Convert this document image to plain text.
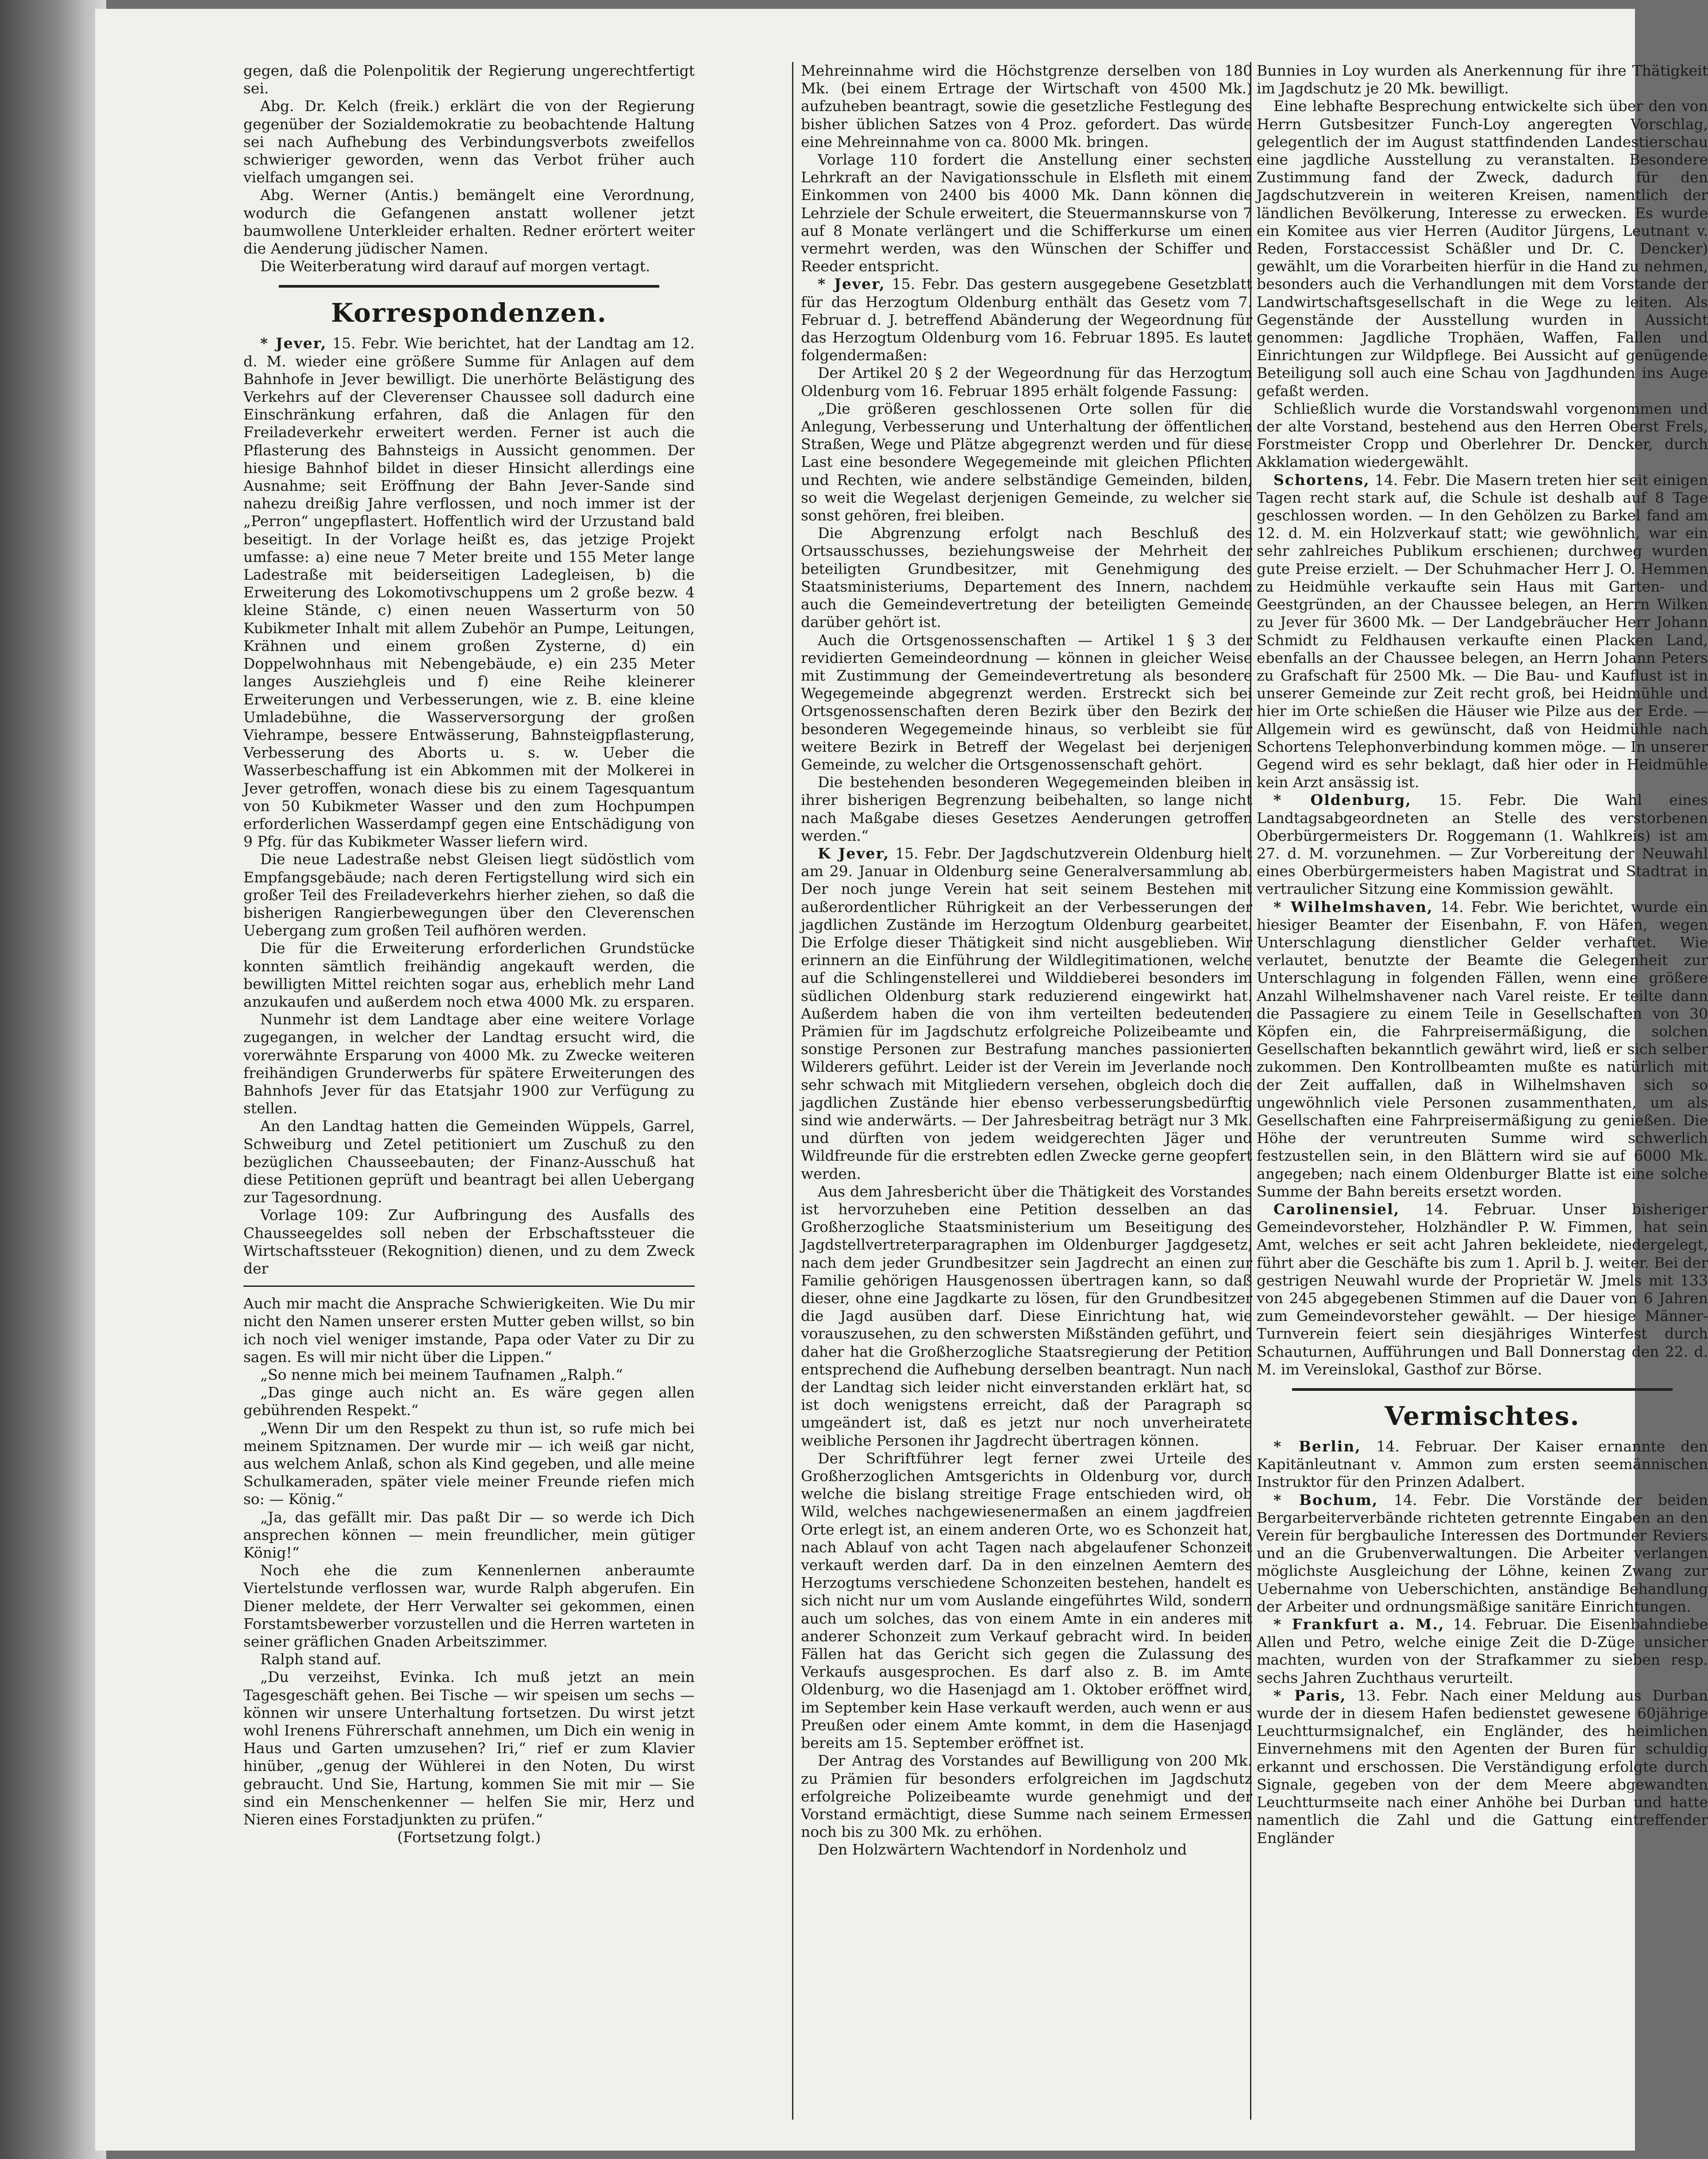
gegen, daß die Polenpolitik der Regierung ungerechtfertigt sei.

Abg. Dr. Kelch (freik.) erklärt die von der Regierung gegenüber der Sozialdemokratie zu beobachtende Haltung sei nach Aufhebung des Verbindungsverbots zweifellos schwieriger geworden, wenn das Verbot früher auch vielfach umgangen sei.

Abg. Werner (Antis.) bemängelt eine Verordnung, wodurch die Gefangenen anstatt wollener jetzt baumwollene Unterkleider erhalten. Redner erörtert weiter die Aenderung jüdischer Namen.

Die Weiterberatung wird darauf auf morgen vertagt.

Korrespondenzen.

* Jever, 15. Febr. Wie berichtet, hat der Landtag am 12. d. M. wieder eine größere Summe für Anlagen auf dem Bahnhofe in Jever bewilligt. Die unerhörte Belästigung des Verkehrs auf der Cleverenser Chaussee soll dadurch eine Einschränkung erfahren, daß die Anlagen für den Freiladeverkehr erweitert werden. Ferner ist auch die Pflasterung des Bahnsteigs in Aussicht genommen. Der hiesige Bahnhof bildet in dieser Hinsicht allerdings eine Ausnahme; seit Eröffnung der Bahn Jever-Sande sind nahezu dreißig Jahre verflossen, und noch immer ist der „Perron“ ungepflastert. Hoffentlich wird der Urzustand bald beseitigt. In der Vorlage heißt es, das jetzige Projekt umfasse: a) eine neue 7 Meter breite und 155 Meter lange Ladestraße mit beiderseitigen Ladegleisen, b) die Erweiterung des Lokomotivschuppens um 2 große bezw. 4 kleine Stände, c) einen neuen Wasserturm von 50 Kubikmeter Inhalt mit allem Zubehör an Pumpe, Leitungen, Krähnen und einem großen Zysterne, d) ein Doppelwohnhaus mit Nebengebäude, e) ein 235 Meter langes Ausziehgleis und f) eine Reihe kleinerer Erweiterungen und Verbesserungen, wie z. B. eine kleine Umladebühne, die Wasserversorgung der großen Viehrampe, bessere Entwässerung, Bahnsteigpflasterung, Verbesserung des Aborts u. s. w. Ueber die Wasserbeschaffung ist ein Abkommen mit der Molkerei in Jever getroffen, wonach diese bis zu einem Tagesquantum von 50 Kubikmeter Wasser und den zum Hochpumpen erforderlichen Wasserdampf gegen eine Entschädigung von 9 Pfg. für das Kubikmeter Wasser liefern wird.

Die neue Ladestraße nebst Gleisen liegt südöstlich vom Empfangsgebäude; nach deren Fertigstellung wird sich ein großer Teil des Freiladeverkehrs hierher ziehen, so daß die bisherigen Rangierbewegungen über den Cleverenschen Uebergang zum großen Teil aufhören werden.

Die für die Erweiterung erforderlichen Grundstücke konnten sämtlich freihändig angekauft werden, die bewilligten Mittel reichten sogar aus, erheblich mehr Land anzukaufen und außerdem noch etwa 4000 Mk. zu ersparen.

Nunmehr ist dem Landtage aber eine weitere Vorlage zugegangen, in welcher der Landtag ersucht wird, die vorerwähnte Ersparung von 4000 Mk. zu Zwecke weiteren freihändigen Grunderwerbs für spätere Erweiterungen des Bahnhofs Jever für das Etatsjahr 1900 zur Verfügung zu stellen.

An den Landtag hatten die Gemeinden Wüppels, Garrel, Schweiburg und Zetel petitioniert um Zuschuß zu den bezüglichen Chausseebauten; der Finanz-Ausschuß hat diese Petitionen geprüft und beantragt bei allen Uebergang zur Tagesordnung.

Vorlage 109: Zur Aufbringung des Ausfalls des Chausseegeldes soll neben der Erbschaftssteuer die Wirtschaftssteuer (Rekognition) dienen, und zu dem Zweck der

Auch mir macht die Ansprache Schwierigkeiten. Wie Du mir nicht den Namen unserer ersten Mutter geben willst, so bin ich noch viel weniger imstande, Papa oder Vater zu Dir zu sagen. Es will mir nicht über die Lippen.“

„So nenne mich bei meinem Taufnamen „Ralph.“

„Das ginge auch nicht an. Es wäre gegen allen gebührenden Respekt.“

„Wenn Dir um den Respekt zu thun ist, so rufe mich bei meinem Spitznamen. Der wurde mir — ich weiß gar nicht, aus welchem Anlaß, schon als Kind gegeben, und alle meine Schulkameraden, später viele meiner Freunde riefen mich so: — König.“

„Ja, das gefällt mir. Das paßt Dir — so werde ich Dich ansprechen können — mein freundlicher, mein gütiger König!“

Noch ehe die zum Kennenlernen anberaumte Viertelstunde verflossen war, wurde Ralph abgerufen. Ein Diener meldete, der Herr Verwalter sei gekommen, einen Forstamtsbewerber vorzustellen und die Herren warteten in seiner gräflichen Gnaden Arbeitszimmer.

Ralph stand auf.

„Du verzeihst, Evinka. Ich muß jetzt an mein Tagesgeschäft gehen. Bei Tische — wir speisen um sechs — können wir unsere Unterhaltung fortsetzen. Du wirst jetzt wohl Irenens Führerschaft annehmen, um Dich ein wenig in Haus und Garten umzusehen? Iri,“ rief er zum Klavier hinüber, „genug der Wühlerei in den Noten, Du wirst gebraucht. Und Sie, Hartung, kommen Sie mit mir — Sie sind ein Menschenkenner — helfen Sie mir, Herz und Nieren eines Forstadjunkten zu prüfen.“

(Fortsetzung folgt.)

Mehreinnahme wird die Höchstgrenze derselben von 180 Mk. (bei einem Ertrage der Wirtschaft von 4500 Mk.) aufzuheben beantragt, sowie die gesetzliche Festlegung des bisher üblichen Satzes von 4 Proz. gefordert. Das würde eine Mehreinnahme von ca. 8000 Mk. bringen.

Vorlage 110 fordert die Anstellung einer sechsten Lehrkraft an der Navigationsschule in Elsfleth mit einem Einkommen von 2400 bis 4000 Mk. Dann können die Lehrziele der Schule erweitert, die Steuermannskurse von 7 auf 8 Monate verlängert und die Schifferkurse um einen vermehrt werden, was den Wünschen der Schiffer und Reeder entspricht.

* Jever, 15. Febr. Das gestern ausgegebene Gesetzblatt für das Herzogtum Oldenburg enthält das Gesetz vom 7. Februar d. J. betreffend Abänderung der Wegeordnung für das Herzogtum Oldenburg vom 16. Februar 1895. Es lautet folgendermaßen:

Der Artikel 20 § 2 der Wegeordnung für das Herzogtum Oldenburg vom 16. Februar 1895 erhält folgende Fassung:

„Die größeren geschlossenen Orte sollen für die Anlegung, Verbesserung und Unterhaltung der öffentlichen Straßen, Wege und Plätze abgegrenzt werden und für diese Last eine besondere Wegegemeinde mit gleichen Pflichten und Rechten, wie andere selbständige Gemeinden, bilden, so weit die Wegelast derjenigen Gemeinde, zu welcher sie sonst gehören, frei bleiben.

Die Abgrenzung erfolgt nach Beschluß des Ortsausschusses, beziehungsweise der Mehrheit der beteiligten Grundbesitzer, mit Genehmigung des Staatsministeriums, Departement des Innern, nachdem auch die Gemeindevertretung der beteiligten Gemeinde darüber gehört ist.

Auch die Ortsgenossenschaften — Artikel 1 § 3 der revidierten Gemeindeordnung — können in gleicher Weise mit Zustimmung der Gemeindevertretung als besondere Wegegemeinde abgegrenzt werden. Erstreckt sich bei Ortsgenossenschaften deren Bezirk über den Bezirk der besonderen Wegegemeinde hinaus, so verbleibt sie für weitere Bezirk in Betreff der Wegelast bei derjenigen Gemeinde, zu welcher die Ortsgenossenschaft gehört.

Die bestehenden besonderen Wegegemeinden bleiben in ihrer bisherigen Begrenzung beibehalten, so lange nicht nach Maßgabe dieses Gesetzes Aenderungen getroffen werden.“

K Jever, 15. Febr. Der Jagdschutzverein Oldenburg hielt am 29. Januar in Oldenburg seine Generalversammlung ab. Der noch junge Verein hat seit seinem Bestehen mit außerordentlicher Rührigkeit an der Verbesserungen der jagdlichen Zustände im Herzogtum Oldenburg gearbeitet. Die Erfolge dieser Thätigkeit sind nicht ausgeblieben. Wir erinnern an die Einführung der Wildlegitimationen, welche auf die Schlingenstellerei und Wilddieberei besonders im südlichen Oldenburg stark reduzierend eingewirkt hat. Außerdem haben die von ihm verteilten bedeutenden Prämien für im Jagdschutz erfolgreiche Polizeibeamte und sonstige Personen zur Bestrafung manches passionierten Wilderers geführt. Leider ist der Verein im Jeverlande noch sehr schwach mit Mitgliedern versehen, obgleich doch die jagdlichen Zustände hier ebenso verbesserungsbedürftig sind wie anderwärts. — Der Jahresbeitrag beträgt nur 3 Mk. und dürften von jedem weidgerechten Jäger und Wildfreunde für die erstrebten edlen Zwecke gerne geopfert werden.

Aus dem Jahresbericht über die Thätigkeit des Vorstandes ist hervorzuheben eine Petition desselben an das Großherzogliche Staatsministerium um Beseitigung des Jagdstellvertreterparagraphen im Oldenburger Jagdgesetz, nach dem jeder Grundbesitzer sein Jagdrecht an einen zur Familie gehörigen Hausgenossen übertragen kann, so daß dieser, ohne eine Jagdkarte zu lösen, für den Grundbesitzer die Jagd ausüben darf. Diese Einrichtung hat, wie vorauszusehen, zu den schwersten Mißständen geführt, und daher hat die Großherzogliche Staatsregierung der Petition entsprechend die Aufhebung derselben beantragt. Nun nach der Landtag sich leider nicht einverstanden erklärt hat, so ist doch wenigstens erreicht, daß der Paragraph so umgeändert ist, daß es jetzt nur noch unverheiratete weibliche Personen ihr Jagdrecht übertragen können.

Der Schriftführer legt ferner zwei Urteile des Großherzoglichen Amtsgerichts in Oldenburg vor, durch welche die bislang streitige Frage entschieden wird, ob Wild, welches nachgewiesenermaßen an einem jagdfreien Orte erlegt ist, an einem anderen Orte, wo es Schonzeit hat, nach Ablauf von acht Tagen nach abgelaufener Schonzeit verkauft werden darf. Da in den einzelnen Aemtern des Herzogtums verschiedene Schonzeiten bestehen, handelt es sich nicht nur um vom Auslande eingeführtes Wild, sondern auch um solches, das von einem Amte in ein anderes mit anderer Schonzeit zum Verkauf gebracht wird. In beiden Fällen hat das Gericht sich gegen die Zulassung des Verkaufs ausgesprochen. Es darf also z. B. im Amte Oldenburg, wo die Hasenjagd am 1. Oktober eröffnet wird, im September kein Hase verkauft werden, auch wenn er aus Preußen oder einem Amte kommt, in dem die Hasenjagd bereits am 15. September eröffnet ist.

Der Antrag des Vorstandes auf Bewilligung von 200 Mk. zu Prämien für besonders erfolgreichen im Jagdschutz erfolgreiche Polizeibeamte wurde genehmigt und der Vorstand ermächtigt, diese Summe nach seinem Ermessen noch bis zu 300 Mk. zu erhöhen.

Den Holzwärtern Wachtendorf in Nordenholz und

Bunnies in Loy wurden als Anerkennung für ihre Thätigkeit im Jagdschutz je 20 Mk. bewilligt.

Eine lebhafte Besprechung entwickelte sich über den von Herrn Gutsbesitzer Funch-Loy angeregten Vorschlag, gelegentlich der im August stattfindenden Landestierschau eine jagdliche Ausstellung zu veranstalten. Besondere Zustimmung fand der Zweck, dadurch für den Jagdschutzverein in weiteren Kreisen, namentlich der ländlichen Bevölkerung, Interesse zu erwecken. Es wurde ein Komitee aus vier Herren (Auditor Jürgens, Leutnant v. Reden, Forstaccessist Schäßler und Dr. C. Dencker) gewählt, um die Vorarbeiten hierfür in die Hand zu nehmen, besonders auch die Verhandlungen mit dem Vorstande der Landwirtschaftsgesellschaft in die Wege zu leiten. Als Gegenstände der Ausstellung wurden in Aussicht genommen: Jagdliche Trophäen, Waffen, Fallen und Einrichtungen zur Wildpflege. Bei Aussicht auf genügende Beteiligung soll auch eine Schau von Jagdhunden ins Auge gefaßt werden.

Schließlich wurde die Vorstandswahl vorgenommen und der alte Vorstand, bestehend aus den Herren Oberst Frels, Forstmeister Cropp und Oberlehrer Dr. Dencker, durch Akklamation wiedergewählt.

Schortens, 14. Febr. Die Masern treten hier seit einigen Tagen recht stark auf, die Schule ist deshalb auf 8 Tage geschlossen worden. — In den Gehölzen zu Barkel fand am 12. d. M. ein Holzverkauf statt; wie gewöhnlich, war ein sehr zahlreiches Publikum erschienen; durchweg wurden gute Preise erzielt. — Der Schuhmacher Herr J. O. Hemmen zu Heidmühle verkaufte sein Haus mit Garten- und Geestgründen, an der Chaussee belegen, an Herrn Wilken zu Jever für 3600 Mk. — Der Landgebräucher Herr Johann Schmidt zu Feldhausen verkaufte einen Placken Land, ebenfalls an der Chaussee belegen, an Herrn Johann Peters zu Grafschaft für 2500 Mk. — Die Bau- und Kauflust ist in unserer Gemeinde zur Zeit recht groß, bei Heidmühle und hier im Orte schießen die Häuser wie Pilze aus der Erde. — Allgemein wird es gewünscht, daß von Heidmühle nach Schortens Telephonverbindung kommen möge. — In unserer Gegend wird es sehr beklagt, daß hier oder in Heidmühle kein Arzt ansässig ist.

* Oldenburg, 15. Febr. Die Wahl eines Landtagsabgeordneten an Stelle des verstorbenen Oberbürgermeisters Dr. Roggemann (1. Wahlkreis) ist am 27. d. M. vorzunehmen. — Zur Vorbereitung der Neuwahl eines Oberbürgermeisters haben Magistrat und Stadtrat in vertraulicher Sitzung eine Kommission gewählt.

* Wilhelmshaven, 14. Febr. Wie berichtet, wurde ein hiesiger Beamter der Eisenbahn, F. von Häfen, wegen Unterschlagung dienstlicher Gelder verhaftet. Wie verlautet, benutzte der Beamte die Gelegenheit zur Unterschlagung in folgenden Fällen, wenn eine größere Anzahl Wilhelmshavener nach Varel reiste. Er teilte dann die Passagiere zu einem Teile in Gesellschaften von 30 Köpfen ein, die Fahrpreisermäßigung, die solchen Gesellschaften bekanntlich gewährt wird, ließ er sich selber zukommen. Den Kontrollbeamten mußte es natürlich mit der Zeit auffallen, daß in Wilhelmshaven sich so ungewöhnlich viele Personen zusammenthaten, um als Gesellschaften eine Fahrpreisermäßigung zu genießen. Die Höhe der veruntreuten Summe wird schwerlich festzustellen sein, in den Blättern wird sie auf 6000 Mk. angegeben; nach einem Oldenburger Blatte ist eine solche Summe der Bahn bereits ersetzt worden.

Carolinensiel, 14. Februar. Unser bisheriger Gemeindevorsteher, Holzhändler P. W. Fimmen, hat sein Amt, welches er seit acht Jahren bekleidete, niedergelegt, führt aber die Geschäfte bis zum 1. April b. J. weiter. Bei der gestrigen Neuwahl wurde der Proprietär W. Jmels mit 133 von 245 abgegebenen Stimmen auf die Dauer von 6 Jahren zum Gemeindevorsteher gewählt. — Der hiesige Männer-Turnverein feiert sein diesjähriges Winterfest durch Schauturnen, Aufführungen und Ball Donnerstag den 22. d. M. im Vereinslokal, Gasthof zur Börse.

Vermischtes.

* Berlin, 14. Februar. Der Kaiser ernannte den Kapitänleutnant v. Ammon zum ersten seemännischen Instruktor für den Prinzen Adalbert.

* Bochum, 14. Febr. Die Vorstände der beiden Bergarbeiterverbände richteten getrennte Eingaben an den Verein für bergbauliche Interessen des Dortmunder Reviers und an die Grubenverwaltungen. Die Arbeiter verlangen möglichste Ausgleichung der Löhne, keinen Zwang zur Uebernahme von Ueberschichten, anständige Behandlung der Arbeiter und ordnungsmäßige sanitäre Einrichtungen.

* Frankfurt a. M., 14. Februar. Die Eisenbahndiebe Allen und Petro, welche einige Zeit die D-Züge unsicher machten, wurden von der Strafkammer zu sieben resp. sechs Jahren Zuchthaus verurteilt.

* Paris, 13. Febr. Nach einer Meldung aus Durban wurde der in diesem Hafen bedienstet gewesene 60jährige Leuchtturmsignalchef, ein Engländer, des heimlichen Einvernehmens mit den Agenten der Buren für schuldig erkannt und erschossen. Die Verständigung erfolgte durch Signale, gegeben von der dem Meere abgewandten Leuchtturmseite nach einer Anhöhe bei Durban und hatte namentlich die Zahl und die Gattung eintreffender Engländer
